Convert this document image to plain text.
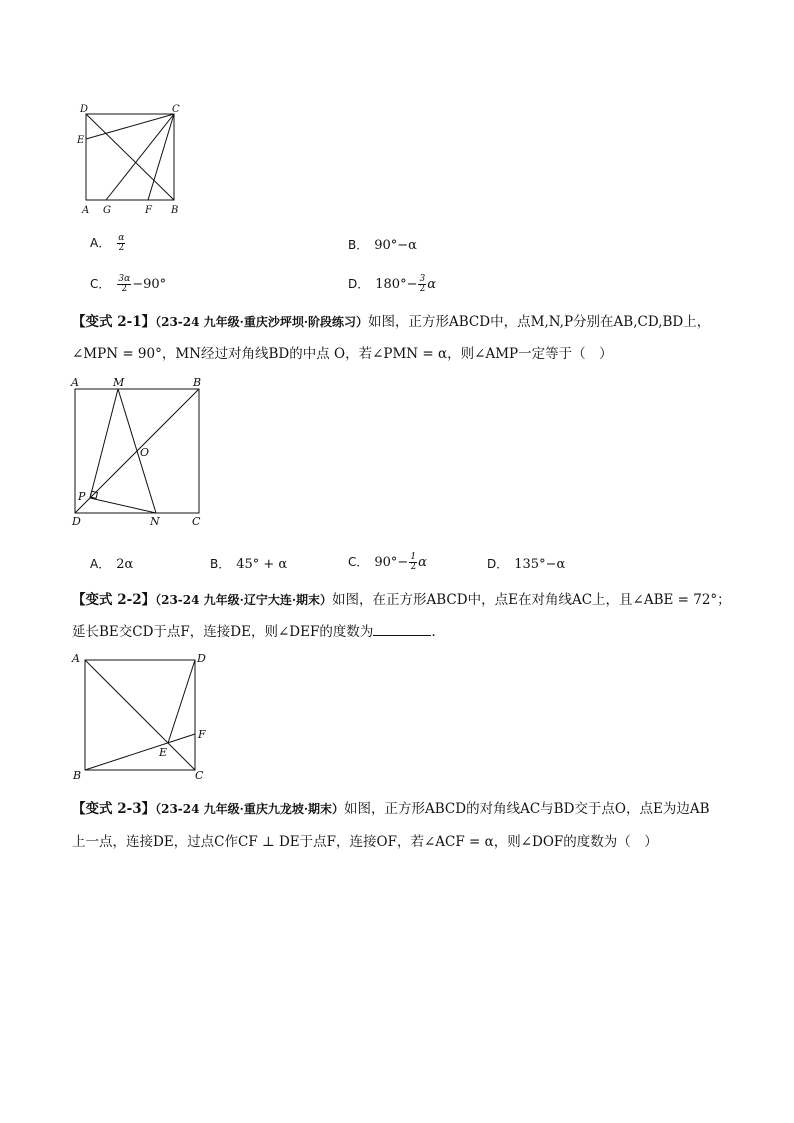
D	C
E
A G	F B
A． $\frac{\alpha}{2}$	B． 90°−α
C． $\frac{3\alpha}{2} -90^\circ$	D． $180^\circ- \frac{3}{2}$ α
【变式 2-1】（23-24 九年级·重庆沙坪坝·阶段练习）如图，正方形ABCD中，点M,N,P分别在AB,CD,BD上，
∠MPN = 90°，MN经过对角线BD的中点 O，若∠PMN = α，则∠AMP一定等于（　）
A	M	B
O
P
D	N	C
A． 2α	B． 45° + α	C． $90^\circ- \frac{1}{2}$ α	D． 135°−α
【变式 2-2】（23-24 九年级·辽宁大连·期末）如图，在正方形ABCD中，点E在对角线AC上，且∠ABE = 72°；
延长BE交CD于点F，连接DE，则∠DEF的度数为	.
A	D
F
E
B	C
【变式 2-3】（23-24 九年级·重庆九龙坡·期末）如图，正方形ABCD的对角线AC与BD交于点O，点E为边AB
上一点，连接DE，过点C作CF ⊥ DE于点F，连接OF，若∠ACF = α，则∠DOF的度数为（　）
